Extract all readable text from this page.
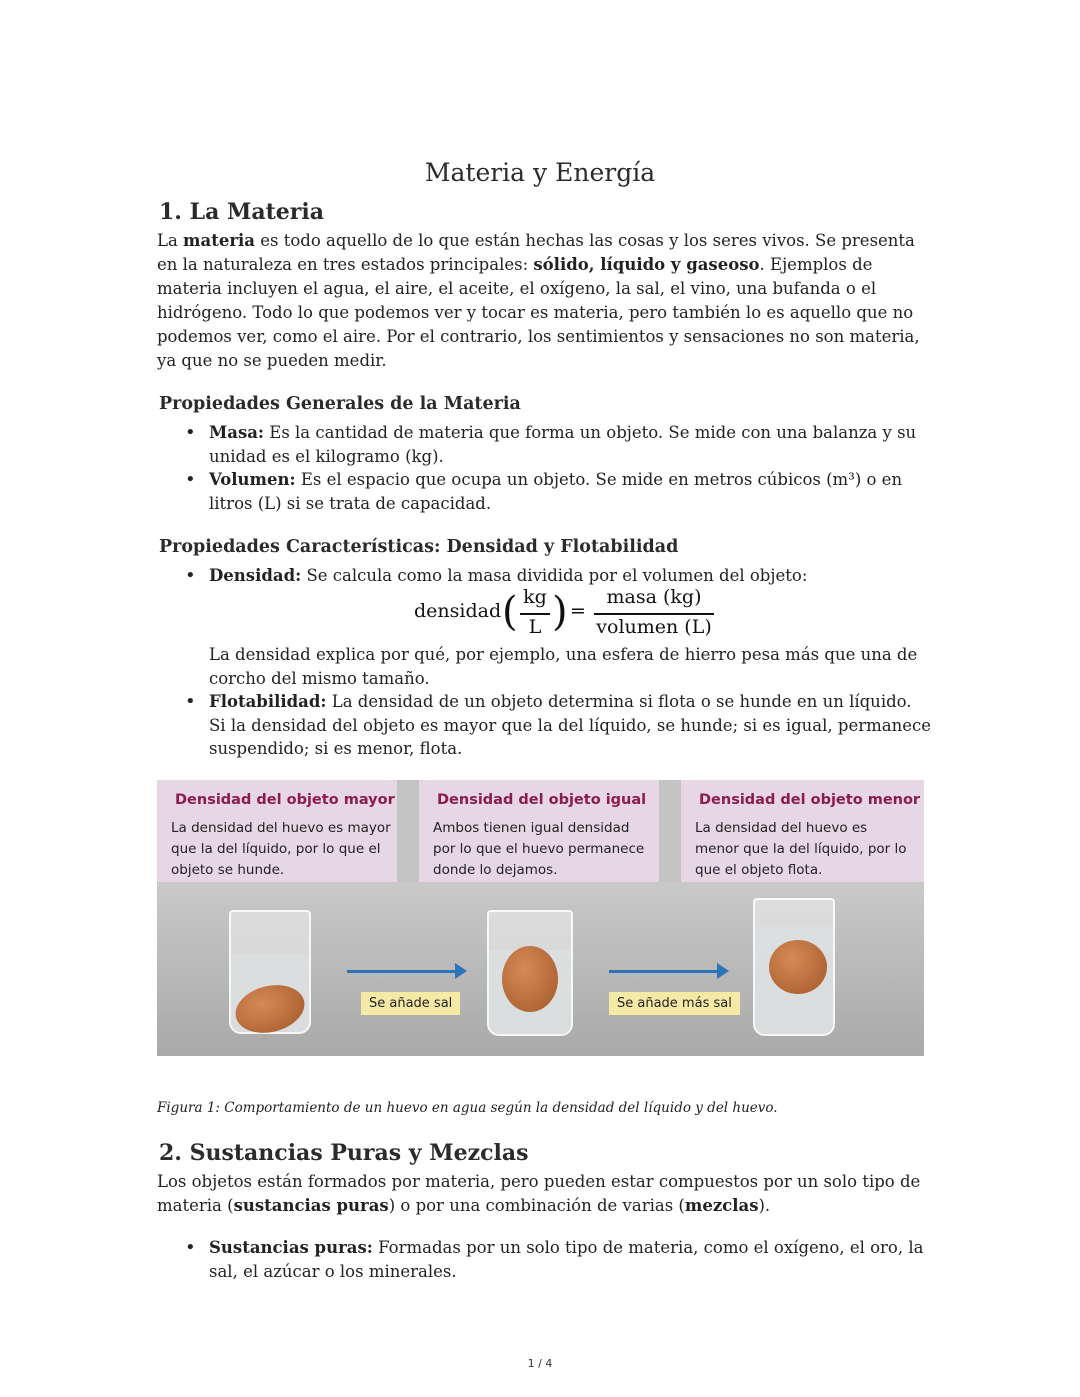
Materia y Energía
1. La Materia

La materia es todo aquello de lo que están hechas las cosas y los seres vivos. Se presenta en la naturaleza en tres estados principales: sólido, líquido y gaseoso. Ejemplos de materia incluyen el agua, el aire, el aceite, el oxígeno, la sal, el vino, una bufanda o el hidrógeno. Todo lo que podemos ver y tocar es materia, pero también lo es aquello que no podemos ver, como el aire. Por el contrario, los sentimientos y sensaciones no son materia, ya que no se pueden medir.

Propiedades Generales de la Materia
• Masa: Es la cantidad de materia que forma un objeto. Se mide con una balanza y su unidad es el kilogramo (kg).
• Volumen: Es el espacio que ocupa un objeto. Se mide en metros cúbicos (m³) o en litros (L) si se trata de capacidad.
Propiedades Características: Densidad y Flotabilidad
• Densidad: Se calcula como la masa dividida por el volumen del objeto:
densidad ( kg
L ) =
masa (kg)
volumen (L)

La densidad explica por qué, por ejemplo, una esfera de hierro pesa más que una de corcho del mismo tamaño.

• Flotabilidad: La densidad de un objeto determina si flota o se hunde en un líquido. Si la densidad del objeto es mayor que la del líquido, se hunde; si es igual, permanece suspendido; si es menor, flota.
Densidad del objeto mayor
La densidad del huevo es mayor que la del líquido, por lo que el objeto se hunde.
Densidad del objeto igual
Ambos tienen igual densidad por lo que el huevo permanece donde lo dejamos.
Densidad del objeto menor
La densidad del huevo es menor que la del líquido, por lo que el objeto flota.
Se añade sal	Se añade más sal

Figura 1: Comportamiento de un huevo en agua según la densidad del líquido y del huevo.

2. Sustancias Puras y Mezclas

Los objetos están formados por materia, pero pueden estar compuestos por un solo tipo de materia (sustancias puras) o por una combinación de varias (mezclas).

• Sustancias puras: Formadas por un solo tipo de materia, como el oxígeno, el oro, la sal, el azúcar o los minerales.
1 / 4
